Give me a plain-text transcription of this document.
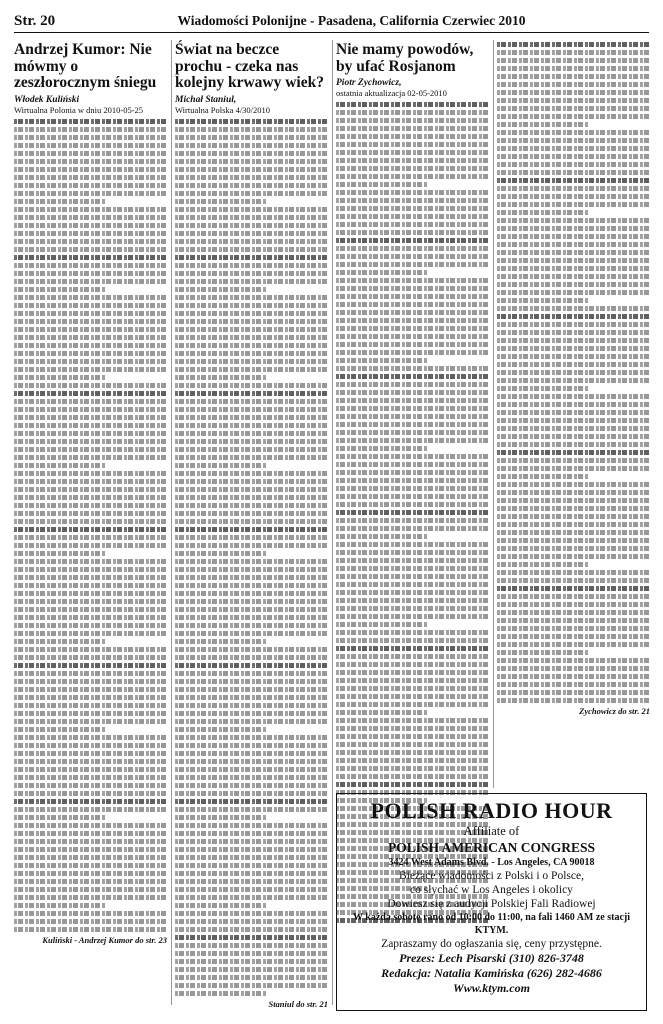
Str. 20	Wiadomości Polonijne - Pasadena, California Czerwiec 2010

Andrzej Kumor: Nie mówmy o zeszłorocznym śniegu

Włodek Kuliński

Wirtualna Polonia w dniu 2010-05-25

Kuliński - Andrzej Kumor do str. 23

Świat na beczce prochu - czeka nas kolejny krwawy wiek?

Michał Staniul,

Wirtualna Polska 4/30/2010

Staniul do str. 21

Nie mamy powodów, by ufać Rosjanom

Piotr Zychowicz,

ostatnia aktualizacja 02-05-2010

Zychowicz do str. 21
POLISH RADIO HOUR
Affiliate of
POLISH AMERICAN CONGRESS
3424 West Adams Blvd. - Los Angeles, CA 90018
Bieżące wiadomości z Polski i o Polsce,
co słychać w Los Angeles i okolicy
Dowiesz się z audycji Polskiej Fali Radiowej
W każdą sobotę rano od 10:00 do 11:00, na fali 1460 AM ze stacji KTYM.
Zapraszamy do ogłaszania się, ceny przystępne.
Prezes: Lech Pisarski (310) 826-3748
Redakcja: Natalia Kamińska (626) 282-4686
Www.ktym.com
